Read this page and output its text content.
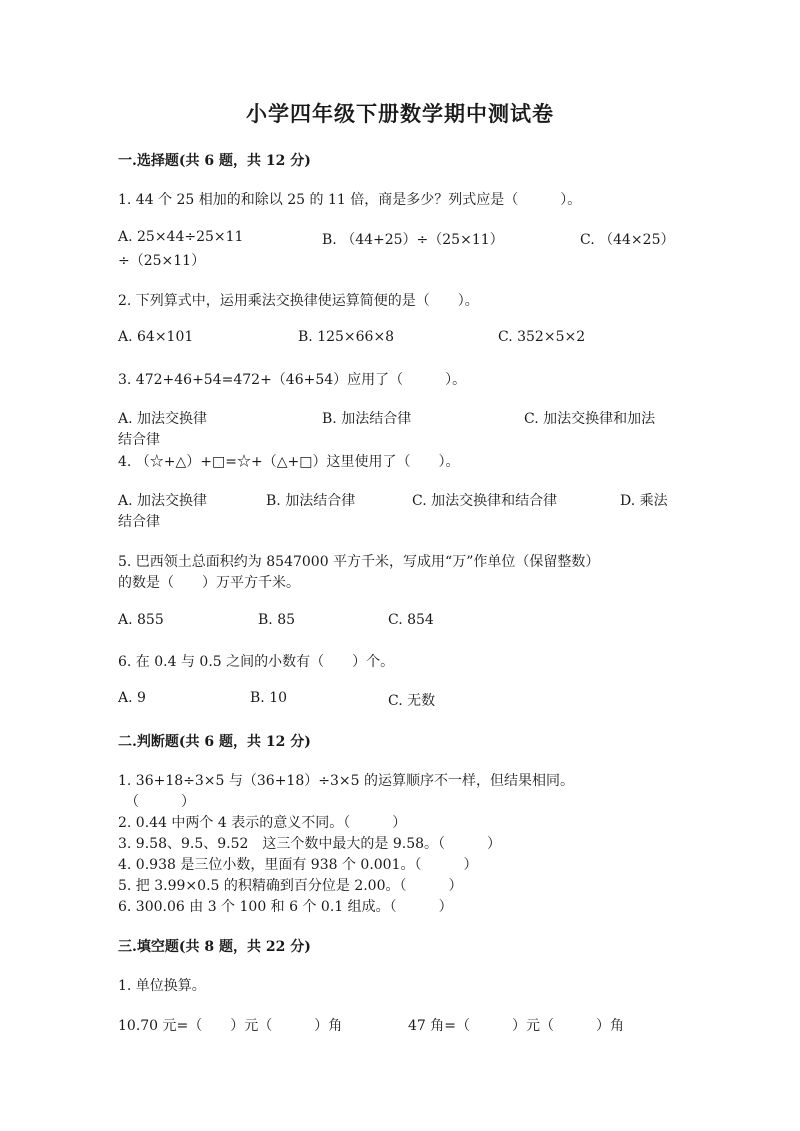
小学四年级下册数学期中测试卷
一.选择题(共 6 题，共 12 分)
1. 44 个 25 相加的和除以 25 的 11 倍，商是多少？列式应是（　　　）。
A. 25×44÷25×11	B. （44+25）÷（25×11）	C. （44×25）
÷（25×11）
2. 下列算式中，运用乘法交换律使运算简便的是（　　）。
A. 64×101	B. 125×66×8	C. 352×5×2
3. 472+46+54=472+（46+54）应用了（　　　）。
A. 加法交换律	B. 加法结合律	C. 加法交换律和加法
结合律
4. （☆+△）+□=☆+（△+□）这里使用了（　　）。
A. 加法交换律	B. 加法结合律	C. 加法交换律和结合律	D. 乘法
结合律
5. 巴西领土总面积约为 8547000 平方千米，写成用“万”作单位（保留整数）
的数是（　　）万平方千米。
A. 855	B. 85	C. 854
6. 在 0.4 与 0.5 之间的小数有（　　）个。
A. 9	B. 10	C. 无数
二.判断题(共 6 题，共 12 分)
1. 36+18÷3×5 与（36+18）÷3×5 的运算顺序不一样，但结果相同。
（　　　）
2. 0.44 中两个 4 表示的意义不同。（　　　）
3. 9.58、9.5、9.52　这三个数中最大的是 9.58。（　　　）
4. 0.938 是三位小数，里面有 938 个 0.001。（　　　）
5. 把 3.99×0.5 的积精确到百分位是 2.00。（　　　）
6. 300.06 由 3 个 100 和 6 个 0.1 组成。（　　　）
三.填空题(共 8 题，共 22 分)
1. 单位换算。
10.70 元=（　　）元（　　　）角	47 角=（　　　）元（　　　）角
